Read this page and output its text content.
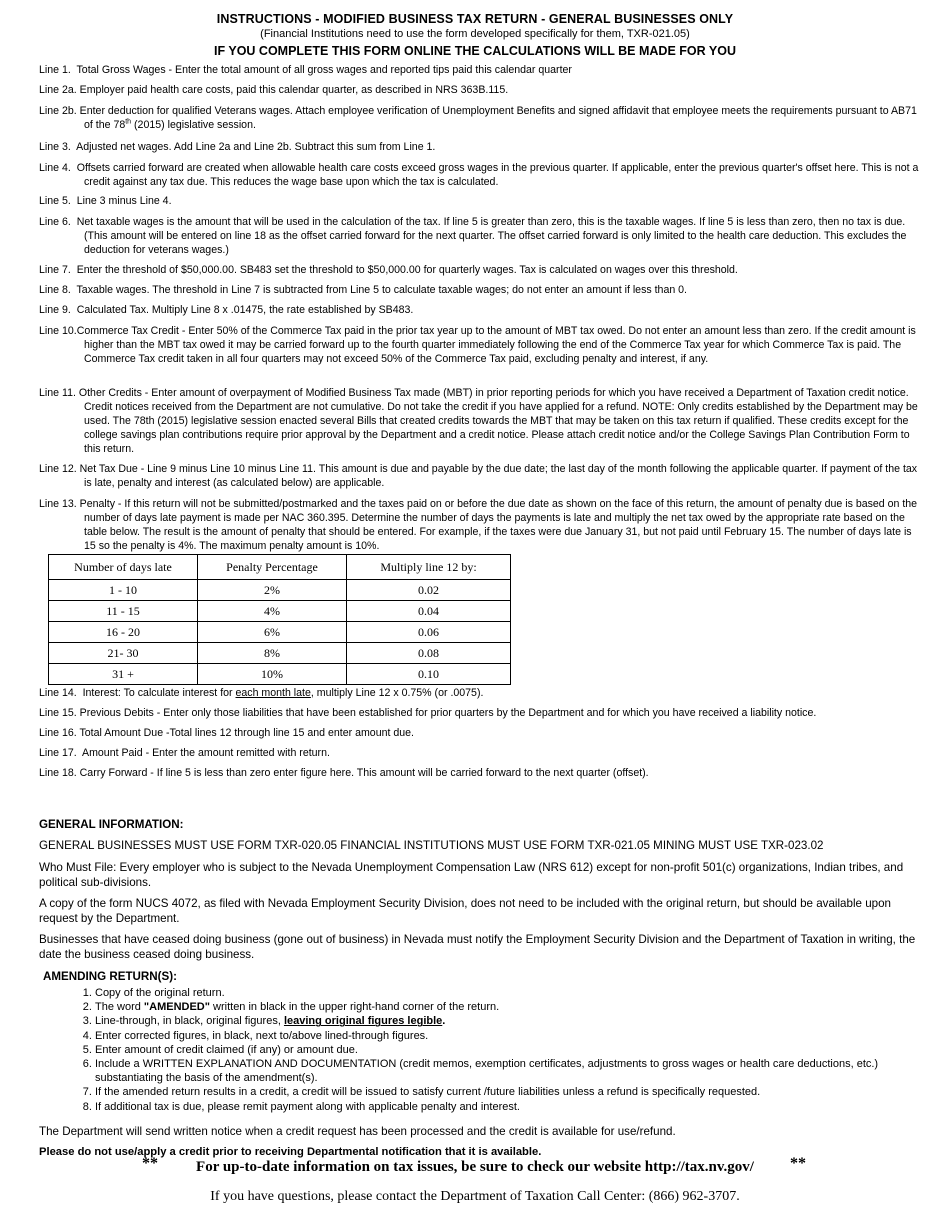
INSTRUCTIONS - MODIFIED BUSINESS TAX RETURN - GENERAL BUSINESSES ONLY
(Financial Institutions need to use the form developed specifically for them, TXR-021.05)
IF YOU COMPLETE THIS FORM ONLINE THE CALCULATIONS WILL BE MADE FOR YOU
Line 1. Total Gross Wages - Enter the total amount of all gross wages and reported tips paid this calendar quarter
Line 2a. Employer paid health care costs, paid this calendar quarter, as described in NRS 363B.115.
Line 2b. Enter deduction for qualified Veterans wages. Attach employee verification of Unemployment Benefits and signed affidavit that employee meets the requirements pursuant to AB71 of the 78th (2015) legislative session.
Line 3. Adjusted net wages. Add Line 2a and Line 2b. Subtract this sum from Line 1.
Line 4. Offsets carried forward are created when allowable health care costs exceed gross wages in the previous quarter. If applicable, enter the previous quarter's offset here. This is not a credit against any tax due. This reduces the wage base upon which the tax is calculated.
Line 5. Line 3 minus Line 4.
Line 6. Net taxable wages is the amount that will be used in the calculation of the tax. If line 5 is greater than zero, this is the taxable wages. If line 5 is less than zero, then no tax is due. (This amount will be entered on line 18 as the offset carried forward for the next quarter. The offset carried forward is only limited to the health care deduction. This excludes the deduction for veterans wages.)
Line 7. Enter the threshold of $50,000.00. SB483 set the threshold to $50,000.00 for quarterly wages. Tax is calculated on wages over this threshold.
Line 8. Taxable wages. The threshold in Line 7 is subtracted from Line 5 to calculate taxable wages; do not enter an amount if less than 0.
Line 9. Calculated Tax. Multiply Line 8 x .01475, the rate established by SB483.
Line 10.Commerce Tax Credit - Enter 50% of the Commerce Tax paid in the prior tax year up to the amount of MBT tax owed. Do not enter an amount less than zero. If the credit amount is higher than the MBT tax owed it may be carried forward up to the fourth quarter immediately following the end of the Commerce Tax year for which Commerce Tax is paid. The Commerce Tax credit taken in all four quarters may not exceed 50% of the Commerce Tax paid, excluding penalty and interest, if any.
Line 11. Other Credits - Enter amount of overpayment of Modified Business Tax made (MBT) in prior reporting periods for which you have received a Department of Taxation credit notice. Credit notices received from the Department are not cumulative. Do not take the credit if you have applied for a refund. NOTE: Only credits established by the Department may be used. The 78th (2015) legislative session enacted several Bills that created credits towards the MBT that may be taken on this tax return if qualified. These credits except for the college savings plan contributions require prior approval by the Department and a credit notice. Please attach credit notice and/or the College Savings Plan Contribution Form to this return.
Line 12. Net Tax Due - Line 9 minus Line 10 minus Line 11. This amount is due and payable by the due date; the last day of the month following the applicable quarter. If payment of the tax is late, penalty and interest (as calculated below) are applicable.
Line 13. Penalty - If this return will not be submitted/postmarked and the taxes paid on or before the due date as shown on the face of this return, the amount of penalty due is based on the number of days late payment is made per NAC 360.395. Determine the number of days the payments is late and multiply the net tax owed by the appropriate rate based on the table below. The result is the amount of penalty that should be entered. For example, if the taxes were due January 31, but not paid until February 15. The number of days late is 15 so the penalty is 4%. The maximum penalty amount is 10%.
Number of days late	Penalty Percentage	Multiply line 12 by:
1 - 10	2%	0.02
11 - 15	4%	0.04
16 - 20	6%	0.06
21- 30	8%	0.08
31 +	10%	0.10
Line 14. Interest: To calculate interest for each month late, multiply Line 12 x 0.75% (or .0075).
Line 15. Previous Debits - Enter only those liabilities that have been established for prior quarters by the Department and for which you have received a liability notice.
Line 16. Total Amount Due -Total lines 12 through line 15 and enter amount due.
Line 17. Amount Paid - Enter the amount remitted with return.
Line 18. Carry Forward - If line 5 is less than zero enter figure here. This amount will be carried forward to the next quarter (offset).
GENERAL INFORMATION:
GENERAL BUSINESSES MUST USE FORM TXR-020.05 FINANCIAL INSTITUTIONS MUST USE FORM TXR-021.05 MINING MUST USE TXR-023.02
Who Must File: Every employer who is subject to the Nevada Unemployment Compensation Law (NRS 612) except for non-profit 501(c) organizations, Indian tribes, and political sub-divisions.
A copy of the form NUCS 4072, as filed with Nevada Employment Security Division, does not need to be included with the original return, but should be available upon request by the Department.
Businesses that have ceased doing business (gone out of business) in Nevada must notify the Employment Security Division and the Department of Taxation in writing, the date the business ceased doing business.
AMENDING RETURN(S):
1. Copy of the original return.
2. The word "AMENDED" written in black in the upper right-hand corner of the return.
3. Line-through, in black, original figures, leaving original figures legible.
4. Enter corrected figures, in black, next to/above lined-through figures.
5. Enter amount of credit claimed (if any) or amount due.
6. Include a WRITTEN EXPLANATION AND DOCUMENTATION (credit memos, exemption certificates, adjustments to gross wages or health care deductions, etc.) substantiating the basis of the amendment(s).
7. If the amended return results in a credit, a credit will be issued to satisfy current /future liabilities unless a refund is specifically requested.
8. If additional tax is due, please remit payment along with applicable penalty and interest.
The Department will send written notice when a credit request has been processed and the credit is available for use/refund.
Please do not use/apply a credit prior to receiving Departmental notification that it is available.
**	For up-to-date information on tax issues, be sure to check our website http://tax.nv.gov/	**
If you have questions, please contact the Department of Taxation Call Center: (866) 962-3707.
